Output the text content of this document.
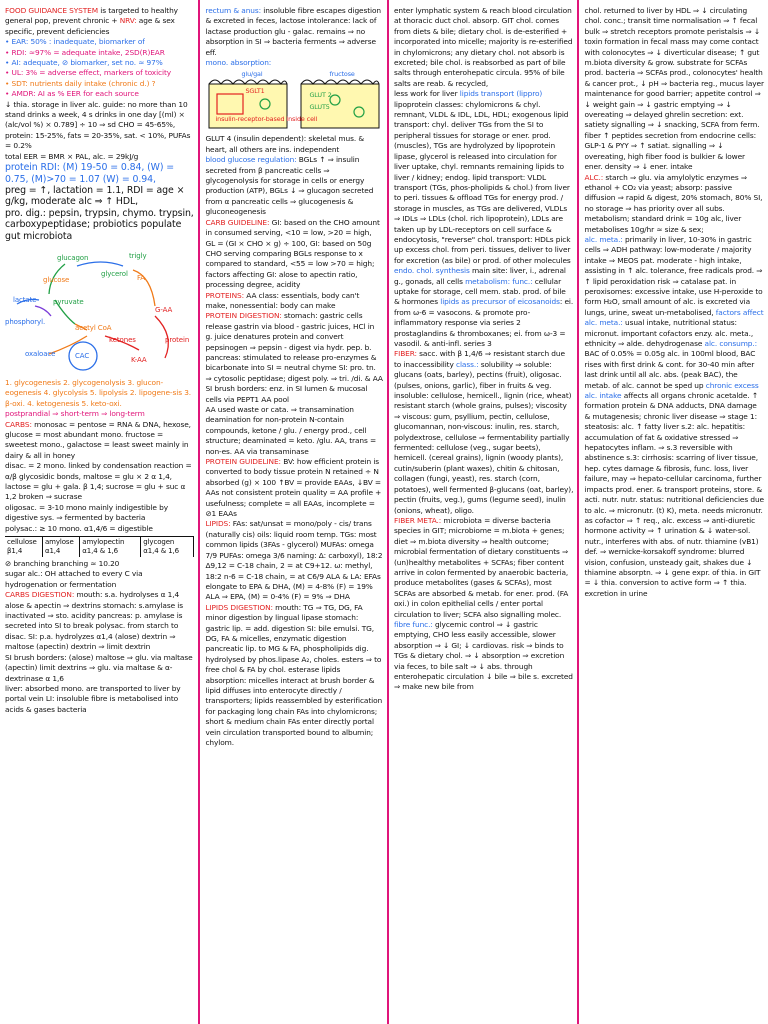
FOOD GUIDANCE SYSTEM is targeted to healthy general pop, prevent chronic + NRV: age & sex specific, prevent deficiencies
• EAR: 50% : inadequate, biomarker of
• RDI: ≈97% = adequate intake, 2SD(R)EAR
• AI: adequate, ⊘ biomarker, set no. ≈ 97%
• UL: 3% = adverse effect, markers of toxicity
• SDT: nutrients daily intake (chronic d.) ?
• AMDR: AI as % EER for each source
↓ thia. storage in liver alc. guide: no more than 10 stand drinks a week, 4 s drinks in one day [(ml) × (alc/vol %) × 0.789] ÷ 10 ⇒ sd CHO = 45-65%, protein: 15-25%, fats = 20-35%, sat. < 10%, PUFAs = 0.2%
total EER = BMR × PAL, alc. = 29kJ/g
protein RDI: (M) 19-50 = 0.84, (W) = 0.75, (M)>70 = 1.07 (W) = 0.94,
preg = ↑, lactation = 1.1, RDI = age × g/kg, moderate alc ⇒ ↑ HDL,
pro. dig.: pepsin, trypsin, chymo. trypsin, carboxypeptidase; probiotics populate gut microbiota
glucagon
glucose
glycerol FA
trigly
lactate pyruvate
G-AA
acetyl CoA
ketones	protein
oxaloace	CAC	K-AA
phosphoryl.
1. glycogenesis 2. glycogenolysis 3. glucon-eogenesis 4. glycolysis 5. lipolysis 2. lipogene-sis 3. β-oxi. 4. ketogenesis 5. keto-oxi.
postprandial ⇒ short-term ⇒ long-term
CARBS: monosac = pentose = RNA & DNA, hexose, glucose = most abundant mono. fructose = sweetest mono., galactose = least sweet mainly in dairy & all in honey
disac. = 2 mono. linked by condensation reaction = α/β glycosidic bonds, maltose = glu × 2 α 1,4, lactose = glu + gala. β 1,4; sucrose = glu + suc α 1,2 broken ⇒ sucrase
oligosac. = 3-10 mono mainly indigestible by digestive sys. ⇒ fermented by bacteria
polysac.: ≥ 10 mono. α1,4/6 = digestible
cellulose β1,4
amylose α1,4
amylopectin α1,4 & 1,6
glycogen α1,4 & 1,6
⊘ branching branching ≈ 10.20
sugar alc.: OH attached to every C via hydrogenation or fermentation
CARBS DIGESTION: mouth: s.a. hydrolyses α 1,4 alose & apectin ⇒ dextrins stomach: s.amylase is inactivated ⇒ sto. acidity pancreas: p. amylase is secreted into SI to break polysac. from starch to disac. SI: p.a. hydrolyzes α1,4 (alose) dextrin ⇒ maltose (apectin) dextrin ⇒ limit dextrin
SI brush borders: (alose) maltose ⇒ glu. via maltase (apectin) limit dextrins ⇒ glu. via maltase & α-dextrinase α 1,6
liver: absorbed mono. are transported to liver by portal vein LI: insoluble fibre is metabolised into acids & gases bacteria
rectum & anus: insoluble fibre escapes digestion & excreted in feces, lactose intolerance: lack of lactase production glu - galac. remains ⇒ no absorption in SI ⇒ bacteria ferments ⇒ adverse eff.
mono. absorption:
glu/gal	fructose
SGLT1	GLUT 2
GLUT5
insulin-receptor-based inside cell
GLUT 4 (insulin dependent): skeletal mus. & heart, all others are ins. independent
blood glucose regulation: BGLs ↑ ⇒ insulin secreted from β pancreatic cells ⇒ glycogenolysis for storage in cells or energy production (ATP), BGLs ↓ ⇒ glucagon secreted from α pancreatic cells ⇒ glucogenesis & gluconeogenesis
CARB GUIDELINE: GI: based on the CHO amount in consumed serving, <10 = low, >20 = high, GL = (GI × CHO × g) ÷ 100, GI: based on 50g CHO serving comparing BGLs response to x compared to standard, <55 = low >70 = high; factors affecting GI: alose to apectin ratio, processing degree, acidity
PROTEINS: AA class: essentials, body can't make, nonessential: body can make
PROTEIN DIGESTION: stomach: gastric cells release gastrin via blood - gastric juices, HCl in g. juice denatures protein and convert pepsinogen ⇒ pepsin - digest via hydr. pep. b. pancreas: stimulated to release pro-enzymes & bicarbonate into SI = neutral chyme SI: pro. tn. ⇒ cytosolic peptidase; digest poly. ⇒ tri. /di. & AA SI brush borders: enz. in SI lumen & mucosal cells via PEPT1 AA pool
AA used waste or cata. ⇒ transamination deamination for non-protein N-contain compounds, ketone / glu. / energy prod., cell structure; deaminated = keto. /glu. AA, trans = non-es. AA via transaminase
PROTEIN GUIDELINE: BV: how efficient protein is converted to body tissue protein N retained ÷ N absorbed (g) × 100 ↑BV = provide EAAs, ↓BV = AAs not consistent protein quality = AA profile + usefulness; complete = all EAAs, incomplete = ⊘1 EAAs
LIPIDS: FAs: sat/unsat = mono/poly - cis/ trans (naturally cis) oils: liquid room temp. TGs: most common lipids (3FAs - glycerol) MUFAs: omega 7/9 PUFAs: omega 3/6 naming: Δ: carboxyl), 18:2 Δ9,12 = C-18 chain, 2 = at C9+12. ω: methyl, 18:2 n-6 = C-18 chain, = at C6/9 ALA & LA: EFAs elongate to EPA & DHA, (M) = 4-8% (F) = 19%
ALA ⇒ EPA, (M) = 0-4% (F) = 9% ⇒ DHA
LIPIDS DIGESTION: mouth: TG ⇒ TG, DG, FA minor digestion by lingual lipase stomach: gastric lip. = add. digestion SI: bile emulsi. TG, DG, FA & micelles, enzymatic digestion pancreatic lip. to MG & FA, phospholipids dig. hydrolysed by phos.lipase A₂, choles. esters ⇒ to free chol & FA by chol. esterase lipids absorption: micelles interact at brush border & lipid diffuses into enterocyte directly / transporters; lipids reassembled by esterification for packaging long chain FAs into chylomicrons; short & medium chain FAs enter directly portal vein circulation transported bound to albumin; chylom.
enter lymphatic system & reach blood circulation at thoracic duct chol. absorp. GIT chol. comes from diets & bile; dietary chol. is de-esterified + incorporated into micelle; majority is re-esterified in chylomicrons; any dietary chol. not absorb is excreted; bile chol. is reabsorbed as part of bile salts through enterohepatic circula. 95% of bile salts are reab. & recycled,
less work for liver lipids transport (lippro) lipoprotein classes: chylomicrons & chyl. remnant, VLDL & IDL, LDL, HDL; exogenous lipid transport: chyl. deliver TGs from the SI to peripheral tissues for storage or ener. prod. (muscles), TGs are hydrolyzed by lipoprotein lipase, glycerol is released into circulation for liver uptake, chyl. remnants remaining lipids to liver / kidney; endog. lipid transport: VLDL transport (TGs, phos-pholipids & chol.) from liver to peri. tissues & offload TGs for energy prod. / storage in muscles, as TGs are delivered, VLDLs ⇒ IDLs ⇒ LDLs (chol. rich lipoprotein), LDLs are taken up by LDL-receptors on cell surface & endocytosis, "reverse" chol. transport: HDLs pick up excess chol. from peri. tissues, deliver to liver for excretion (as bile) or prod. of other molecules
endo. chol. synthesis main site: liver, i., adrenal g., gonads, all cells metabolism: func.: cellular uptake for storage, cell mem. stab. prod. of bile & hormones lipids as precursor of eicosanoids: ei. from ω-6 = vasocons. & promote pro-inflammatory response via series 2 prostaglandins & thromboxanes; ei. from ω-3 = vasodil. & anti-infl. series 3
FIBER: sacc. with β 1,4/6 ⇒ resistant starch due to inaccessibility class.: solubility ⇒ soluble: glucans (oats, barley), pectins (fruit), oligosac. (pulses, onions, garlic), fiber in fruits & veg. insoluble: cellulose, hemicell., lignin (rice, wheat) resistant starch (whole grains, pulses); viscosity ⇒ viscous: gum, psyllium, pectin, cellulose, glucomannan, non-viscous: inulin, res. starch, polydextrose, cellulose ⇒ fermentability partially fermented: cellulose (veg., sugar beets), hemicell. (cereal grains), lignin (woody plants), cutin/suberin (plant waxes), chitin & chitosan, collagen (fungi, yeast), res. starch (corn, potatoes), well fermented β-glucans (oat, barley), pectin (fruits, veg.), gums (legume seed), inulin (onions, wheat), oligo.
FIBER META.: microbiota = diverse bacteria species in GIT; microbiome = m.biota + genes; diet ⇒ m.biota diversity ⇒ health outcome; microbial fermentation of dietary constituents ⇒ (un)healthy metabolites + SCFAs; fiber content arrive in colon fermented by anaerobic bacteria, produce metabolites (gases & SCFAs), most SCFAs are absorbed & metab. for ener. prod. (FA oxi.) in colon epithelial cells / enter portal circulation to liver; SCFA also signalling molec. fibre func.: glycemic control ⇒ ↓ gastric emptying, CHO less easily accessible, slower absorption ⇒ ↓ GI; ↓ cardiovas. risk ⇒ binds to TGs & dietary chol. ⇒ ↓ absorption ⇒ excretion via feces, to bile salt ⇒ ↓ abs. through enterohepatic circulation ↓ bile ⇒ bile s. excreted ⇒ make new bile from
chol. returned to liver by HDL ⇒ ↓ circulating chol. conc.; transit time normalisation ⇒ ↑ fecal bulk ⇒ stretch receptors promote peristalsis ⇒ ↓ toxin formation in fecal mass may come contact with colonocytes ⇒ ↓ diverticular disease; ↑ gut m.biota diversity & grow. substrate for SCFAs prod. bacteria ⇒ SCFAs prod., colonocytes' health & cancer prot., ↓ pH ⇒ bacteria reg., mucus layer maintenance for good barrier; appetite control ⇒ ↓ weight gain ⇒ ↓ gastric emptying ⇒ ↓ overeating ⇒ delayed ghrelin secretion: ext. satiety signalling ⇒ ↓ snacking, SCFA from ferm. fiber ↑ peptides secretion from endocrine cells: GLP-1 & PYY ⇒ ↑ satiat. signalling ⇒ ↓ overeating, high fiber food is bulkier & lower ener. density ⇒ ↓ ener. intake
ALC.: starch ⇒ glu. via amylolytic enzymes ⇒ ethanol + CO₂ via yeast; absorp: passive diffusion ⇒ rapid & digest, 20% stomach, 80% SI, no storage ⇒ has priority over all subs. metabolism; standard drink = 10g alc, liver metabolises 10g/hr ≈ size & sex;
alc. meta.: primarily in liver, 10-30% in gastric cells ⇒ ADH pathway: low-moderate / majority intake ⇒ MEOS pat. moderate - high intake, assisting in ↑ alc. tolerance, free radicals prod. ⇒ ↑ lipid peroxidation risk ⇒ catalase pat. in peroxisomes: excessive intake, use H-peroxide to form H₂O, small amount of alc. is excreted via lungs, urine, sweat un-metabolised, factors affect alc. meta.: usual intake, nutritional status: micronut. important cofactors enzy. alc. meta., ethnicity ⇒ alde. dehydrogenase alc. consump.: BAC of 0.05% = 0.05g alc. in 100ml blood, BAC rises with first drink & cont. for 30-40 min after last drink until all alc. abs. (peak BAC), the metab. of alc. cannot be sped up chronic excess alc. intake affects all organs chronic acetalde. ↑ formation protein & DNA adducts, DNA damage & mutagenesis; chronic liver disease ⇒ stage 1: steatosis: alc. ↑ fatty liver s.2: alc. hepatitis: accumulation of fat & oxidative stressed ⇒ hepatocytes inflam. ⇒ s.3 reversible with abstinence s.3: cirrhosis: scarring of liver tissue, hep. cytes damage & fibrosis, func. loss, liver failure, may ⇒ hepato-cellular carcinoma, further impacts prod. ener. & transport proteins, store. & acti. nutr. nutr. status: nutritional deficiencies due to alc. ⇒ micronutr. (t) K), meta. needs micronutr. as cofactor ⇒ ↑ req., alc. excess ⇒ anti-diuretic hormone activity ⇒ ↑ urination & ↓ water-sol. nutr., interferes with abs. of nutr. thiamine (vB1) def. ⇒ wernicke-korsakoff syndrome: blurred vision, confusion, unsteady gait, shakes due ↓ thiamine absorptn. ⇒ ↓ gene expr. of thia. in GIT = ↓ thia. conversion to active form ⇒ ↑ thia. excretion in urine
